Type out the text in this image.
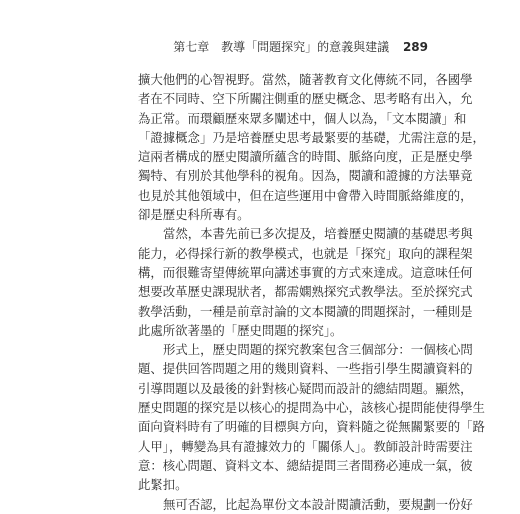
第七章 教導「問題探究」的意義與建議 289
擴大他們的心智視野。當然，隨著教育文化傳統不同，各國學
者在不同時、空下所關注側重的歷史概念、思考略有出入，允
為正常。而環顧歷來眾多闡述中，個人以為，「文本閱讀」和
「證據概念」乃是培養歷史思考最緊要的基礎，尤需注意的是，
這兩者構成的歷史閱讀所蘊含的時間、脈絡向度，正是歷史學
獨特、有別於其他學科的視角。因為，閱讀和證據的方法畢竟
也見於其他領域中，但在這些運用中會帶入時間脈絡維度的，
卻是歷史科所專有。
當然，本書先前已多次提及，培養歷史閱讀的基礎思考與
能力，必得採行新的教學模式，也就是「探究」取向的課程架
構，而很難寄望傳統單向講述事實的方式來達成。這意味任何
想要改革歷史課現狀者，都需嫻熟探究式教學法。至於探究式
教學活動，一種是前章討論的文本閱讀的問題探討，一種則是
此處所欲著墨的「歷史問題的探究」。
形式上，歷史問題的探究教案包含三個部分：一個核心問
題、提供回答問題之用的幾則資料、一些指引學生閱讀資料的
引導問題以及最後的針對核心疑問而設計的總結問題。顯然，
歷史問題的探究是以核心的提問為中心，該核心提問能使得學生
面向資料時有了明確的目標與方向，資料隨之從無關緊要的「路
人甲」，轉變為具有證據效力的「關係人」。教師設計時需要注
意：核心問題、資料文本、總結提問三者間務必連成一氣，彼
此緊扣。
無可否認，比起為單份文本設計閱讀活動，要規劃一份好
